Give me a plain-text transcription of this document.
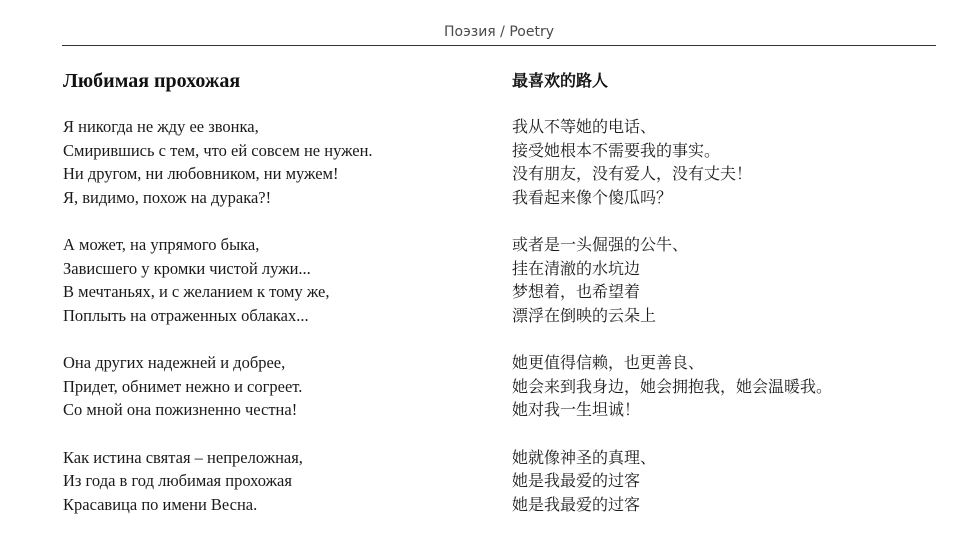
Поэзия / Poetry
Любимая прохожая
Я никогда не жду ее звонка,
Смирившись с тем, что ей совсем не нужен.
Ни другом, ни любовником, ни мужем!
Я, видимо, похож на дурака?!
А может, на упрямого быка,
Зависшего у кромки чистой лужи...
В мечтаньях, и с желанием к тому же,
Поплыть на отраженных облаках...
Она других надежней и добрее,
Придет, обнимет нежно и согреет.
Со мной она пожизненно честна!
Как истина святая – непреложная,
Из года в год любимая прохожая
Красавица по имени Весна.
最喜欢的路人
我从不等她的电话、
接受她根本不需要我的事实。
没有朋友，没有爱人，没有丈夫！
我看起来像个傻瓜吗？
或者是一头倔强的公牛、
挂在清澈的水坑边
梦想着，也希望着
漂浮在倒映的云朵上
她更值得信赖，也更善良、
她会来到我身边，她会拥抱我，她会温暖我。
她对我一生坦诚！
她就像神圣的真理、
她是我最爱的过客
她是我最爱的过客
